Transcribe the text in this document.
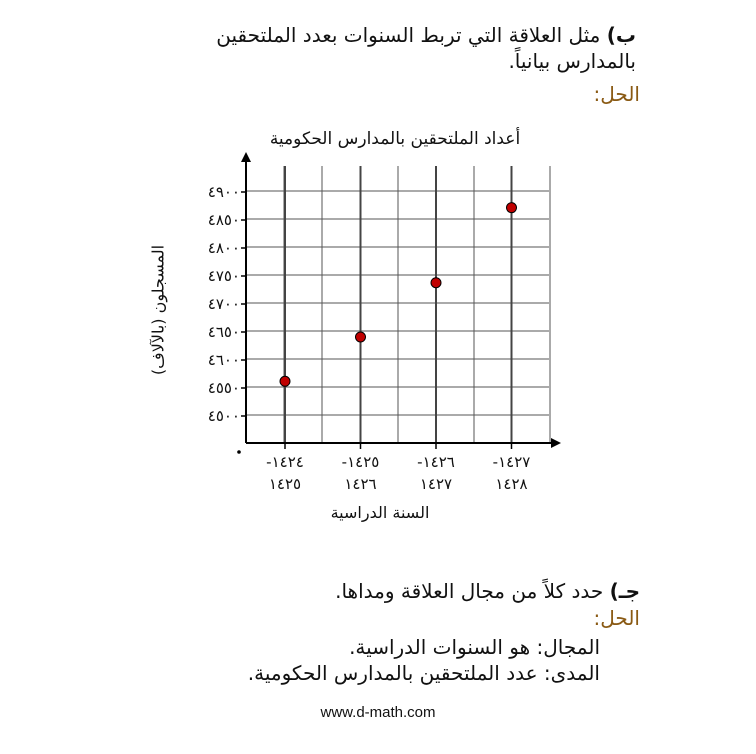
ب) مثل العلاقة التي تربط السنوات بعدد الملتحقين بالمدارس بيانياً.
الحل:
أعداد الملتحقين بالمدارس الحكومية
المسجلون (بالآلاف)
٤٥٠٠
٤٥٥٠
٤٦٠٠
٤٦٥٠
٤٧٠٠
٤٧٥٠
٤٨٠٠
٤٨٥٠
٤٩٠٠
-١٤٢٤
١٤٢٥
-١٤٢٥
١٤٢٦
-١٤٢٦
١٤٢٧
-١٤٢٧
١٤٢٨
السنة الدراسية
جـ) حدد كلاً من مجال العلاقة ومداها.
الحل:
المجال: هو السنوات الدراسية.
المدى: عدد الملتحقين بالمدارس الحكومية.
www.d-math.com
